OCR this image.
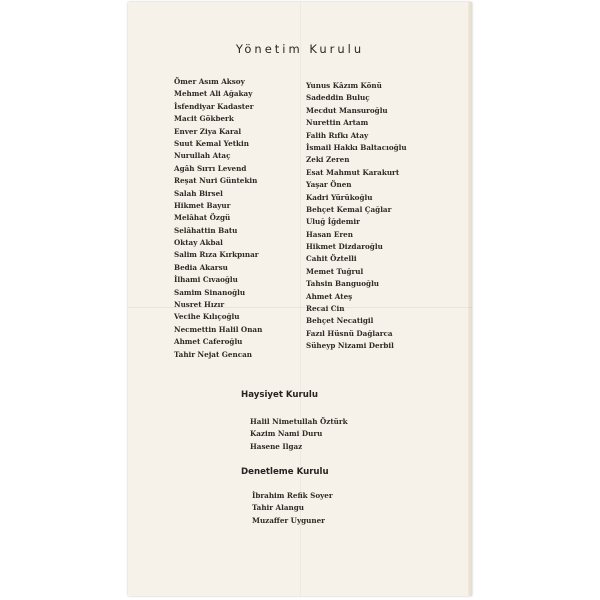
Yönetim Kurulu
Ömer Asım Aksoy
Mehmet Ali Ağakay
İsfendiyar Kadaster
Macit Gökberk
Enver Ziya Karal
Suut Kemal Yetkin
Nurullah Ataç
Agâh Sırrı Levend
Reşat Nuri Güntekin
Salah Birsel
Hikmet Bayur
Melâhat Özgü
Selâhattin Batu
Oktay Akbal
Salim Rıza Kırkpınar
Bedia Akarsu
İlhami Cıvaoğlu
Samim Sinanoğlu
Nusret Hızır
Vecihe Kılıçoğlu
Necmettin Halil Onan
Ahmet Caferoğlu
Tahir Nejat Gencan
Yunus Kâzım Könü
Sadeddin Buluç
Mecdut Mansuroğlu
Nurettin Artam
Falih Rıfkı Atay
İsmail Hakkı Baltacıoğlu
Zeki Zeren
Esat Mahmut Karakurt
Yaşar Önen
Kadri Yürükoğlu
Behçet Kemal Çağlar
Uluğ İğdemir
Hasan Eren
Hikmet Dizdaroğlu
Cahit Öztelli
Memet Tuğrul
Tahsin Banguoğlu
Ahmet Ateş
Recai Cin
Behçet Necatigil
Fazıl Hüsnü Dağlarca
Süheyp Nizami Derbil
Haysiyet Kurulu
Halil Nimetullah Öztürk
Kazim Nami Duru
Hasene Ilgaz
Denetleme Kurulu
İbrahim Refik Soyer
Tahir Alangu
Muzaffer Uyguner
